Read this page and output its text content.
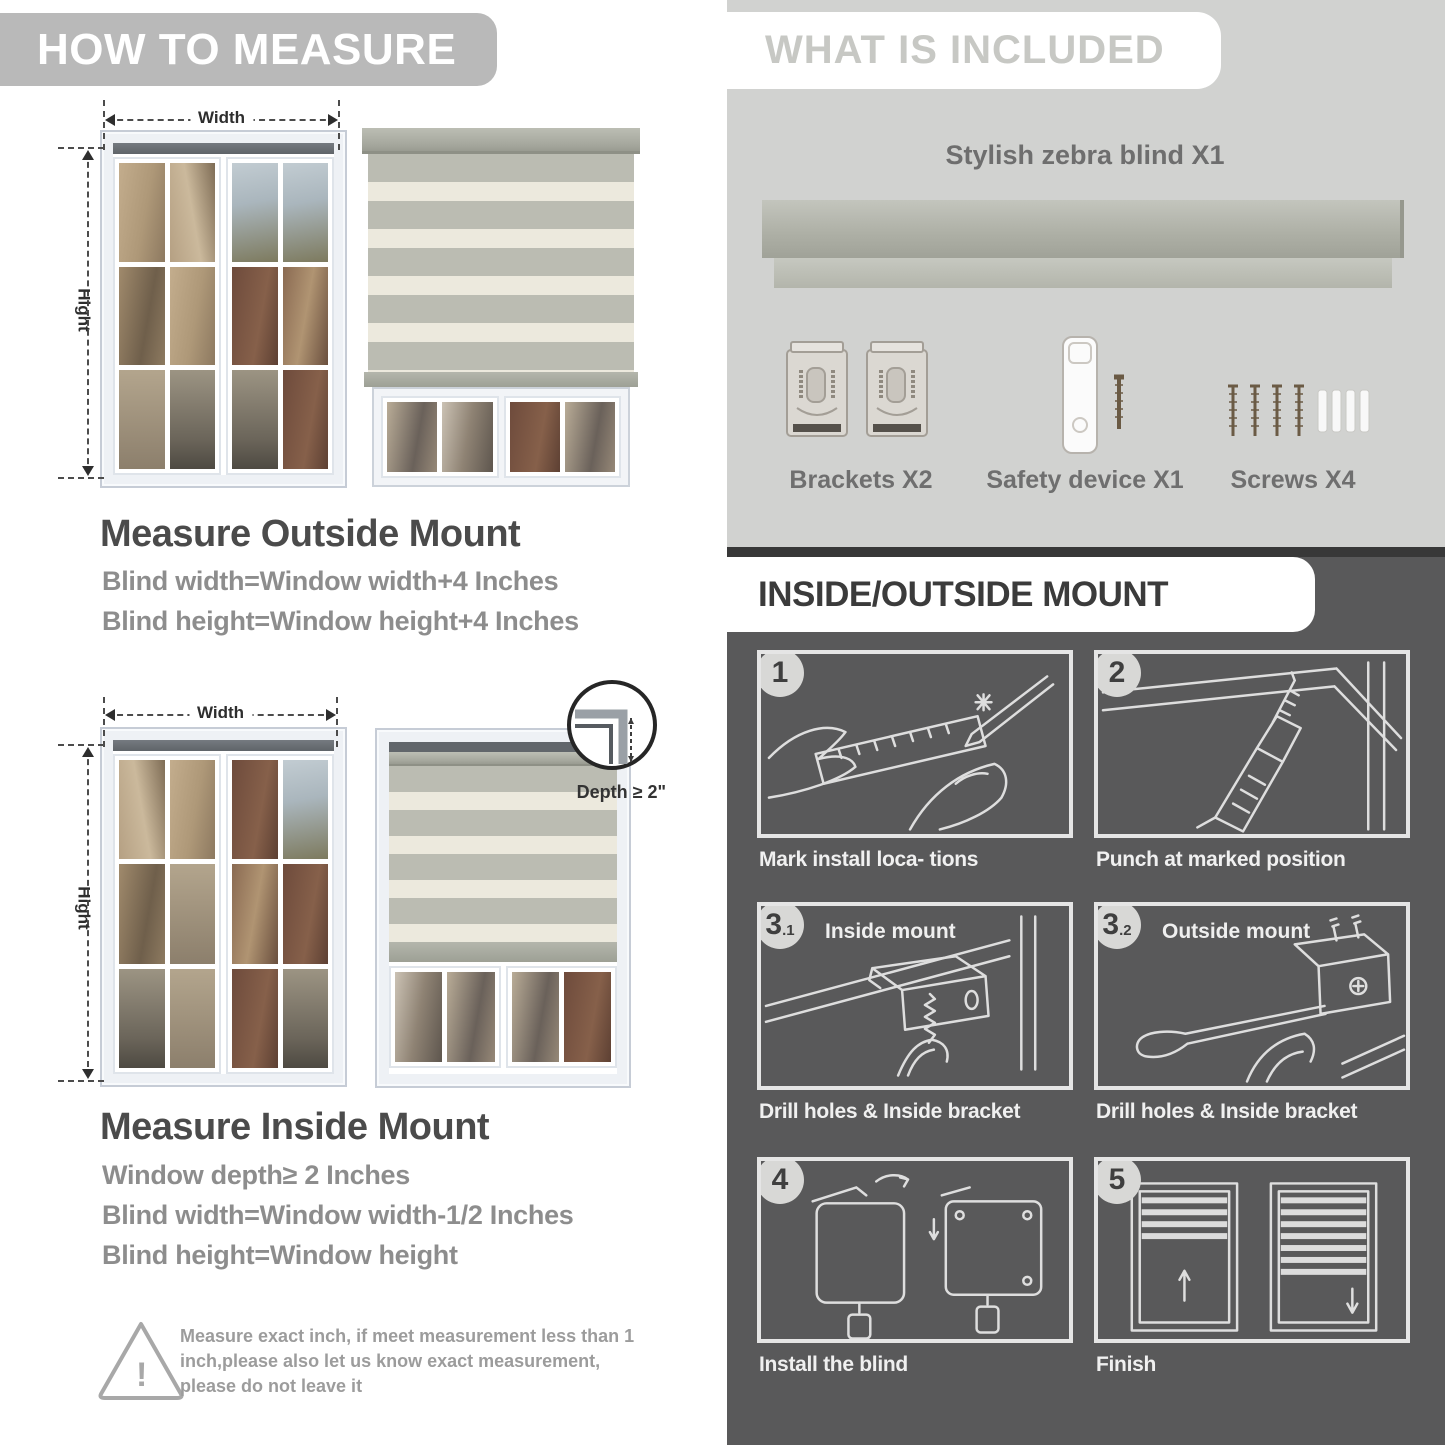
HOW TO MEASURE
Width
Hight
Measure Outside Mount
Blind width=Window width+4 Inches
Blind height=Window height+4 Inches
Width
Hight
Depth ≥ 2"
Measure Inside Mount
Window depth≥ 2 Inches
Blind width=Window width-1/2 Inches
Blind height=Window height
!
Measure exact inch, if meet measurement less than 1 inch,please also let us know exact measurement, please do not leave it
WHAT IS INCLUDED
Stylish zebra blind X1
Brackets X2 Safety device X1	Screws X4
INSIDE/OUTSIDE MOUNT
1
Mark install loca- tions
2
Punch at marked position
3 .1 Inside mount
Drill holes & Inside bracket
3 .2 Outside mount
Drill holes & Inside bracket
4
Install the blind
5
Finish
